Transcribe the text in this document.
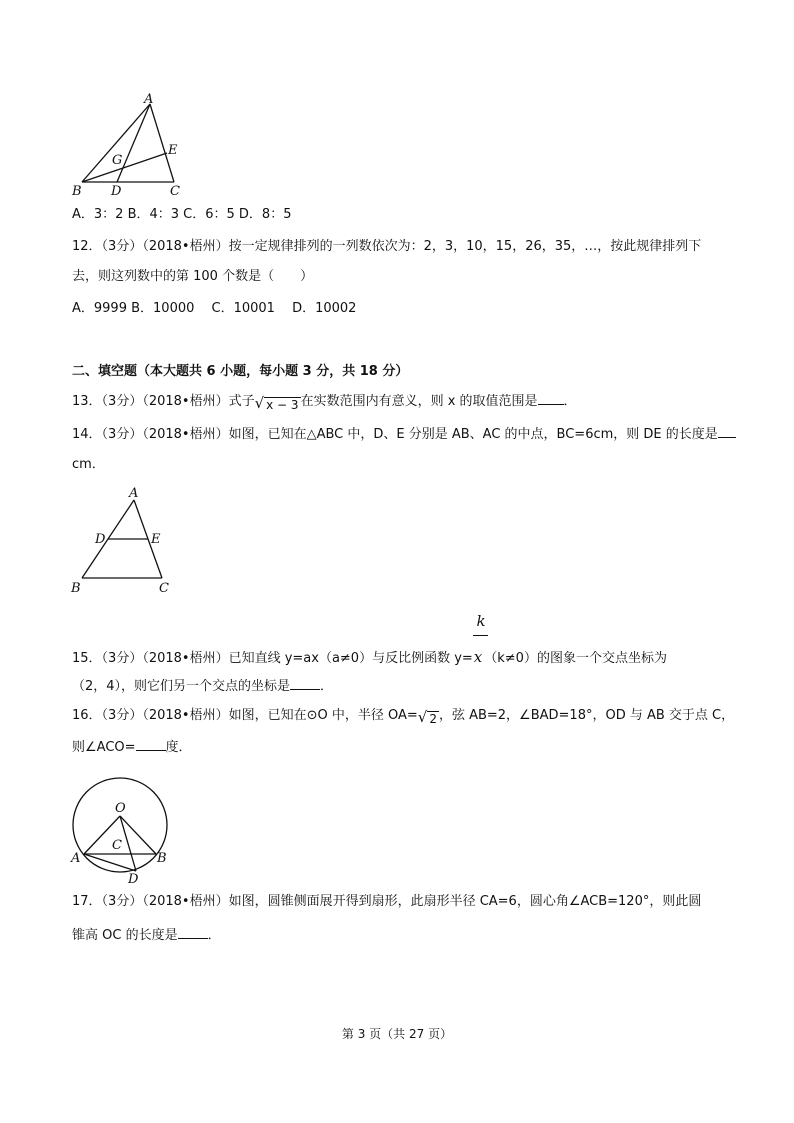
A
E
G
B D	C
A．3：2 B．4：3 C．6：5 D．8：5
12．（3分）（2018•梧州）按一定规律排列的一列数依次为：2，3，10，15，26，35，…，按此规律排列下
去，则这列数中的第 100 个数是（　　）
A．9999 B．10000　 C．10001　 D．10002
二、填空题（本大题共 6 小题，每小题 3 分，共 18 分）
13．（3分）（2018•梧州）式子 √ x − 3 在实数范围内有意义，则 x 的取值范围是 ．
14．（3分）（2018•梧州）如图，已知在△ABC 中，D、E 分别是 AB、AC 的中点，BC=6cm，则 DE 的长度是
cm．
A
D	E
B	C
k
15．（3分）（2018•梧州）已知直线 y=ax（a≠0）与反比例函数 y=x （k≠0）的图象一个交点坐标为
（2，4），则它们另一个交点的坐标是 ．
16．（3分）（2018•梧州）如图，已知在⊙O 中，半径 OA= √ 2 ，弦 AB=2，∠BAD=18°，OD 与 AB 交于点 C，
则∠ACO= 度．
O
C
A	B
D
17．（3分）（2018•梧州）如图，圆锥侧面展开得到扇形，此扇形半径 CA=6，圆心角∠ACB=120°，则此圆
锥高 OC 的长度是 ．
第 3 页（共 27 页）
